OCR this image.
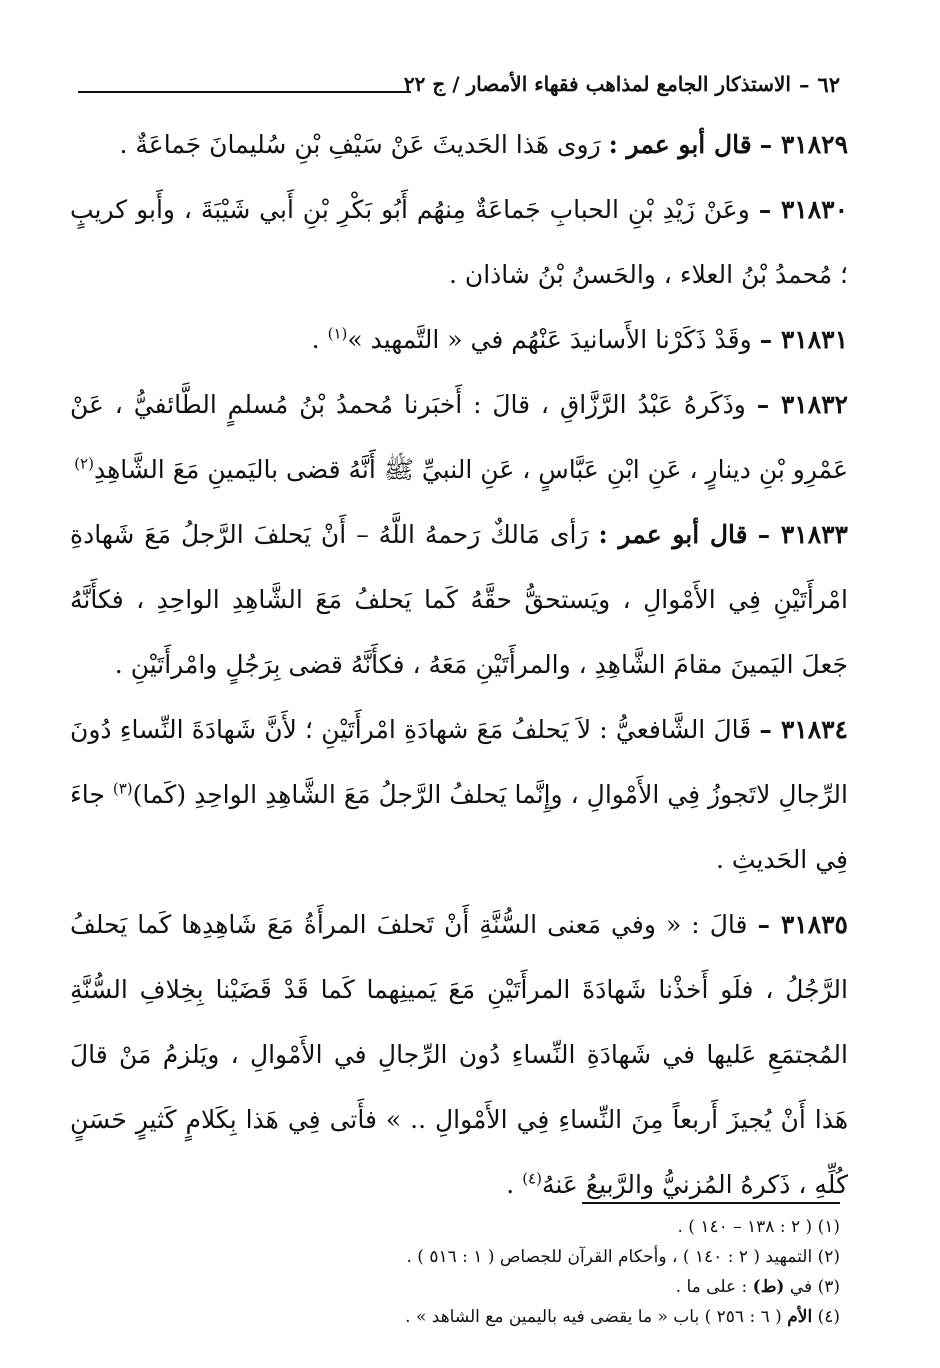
٦٢
–
الاستذكار الجامع لمذاهب فقهاء الأمصار / ج ٢٢

٣١٨٢٩ – قال أبو عمر : رَوى هَذا الحَديثَ عَنْ سَيْفِ بْنِ سُليمانَ جَماعَةٌ .

٣١٨٣٠ – وعَنْ زَيْدِ بْنِ الحبابِ جَماعَةٌ مِنهُم أَبُو بَكْرِ بْنِ أَبي شَيْبَةَ ، وأَبو كريبٍ ؛ مُحمدُ بْنُ العلاء ، والحَسنُ بْنُ شاذان .

٣١٨٣١ – وقَدْ ذَكَرْنا الأَسانيدَ عَنْهُم في « التَّمهيد »$^{(١)}$ .

٣١٨٣٢ – وذَكَرهُ عَبْدُ الرَّزَّاقِ ، قالَ : أَخبَرنا مُحمدُ بْنُ مُسلمٍ الطَّائفيُّ ، عَنْ عَمْرِو بْنِ دينارٍ ، عَنِ ابْنِ عَبَّاسٍ ، عَنِ النبيِّ ﷺ أَنَّهُ قضى باليَمينِ مَعَ الشَّاهِدِ$^{(٢)}$

٣١٨٣٣ – قال أبو عمر : رَأى مَالكٌ رَحمهُ اللَّهُ – أَنْ يَحلفَ الرَّجلُ مَعَ شَهادةِ امْرأَتَيْنِ فِي الأَمْوالِ ، ويَستحقُّ حقَّهُ كَما يَحلفُ مَعَ الشَّاهِدِ الواحِدِ ، فكأَنَّهُ جَعلَ اليَمينَ مقامَ الشَّاهِدِ ، والمرأَتَيْنِ مَعَهُ ، فكأَنَّهُ قضى بِرَجُلٍ وامْرأَتَيْنِ .

٣١٨٣٤ – قَالَ الشَّافعيُّ : لاَ يَحلفُ مَعَ شهادَةِ امْرأَتَيْنِ ؛ لأَنَّ شَهادَةَ النِّساءِ دُونَ الرِّجالِ لاتَجوزُ فِي الأَمْوالِ ، وإِنَّما يَحلفُ الرَّجلُ مَعَ الشَّاهِدِ الواحِدِ (كَما)$^{(٣)}$ جاءَ فِي الحَديثِ .

٣١٨٣٥ – قالَ : « وفي مَعنى السُّنَّةِ أَنْ تَحلفَ المرأَةُ مَعَ شَاهِدِها كَما يَحلفُ الرَّجُلُ ، فلَو أَخذْنا شَهادَةَ المرأَتَيْنِ مَعَ يَمينِهما كَما قَدْ قَضَيْنا بِخِلافِ السُّنَّةِ المُجتمَعِ عَليها في شَهادَةِ النِّساءِ دُون الرِّجالِ في الأَمْوالِ ، ويَلزمُ مَنْ قالَ هَذا أَنْ يُجيزَ أَربعاً مِنَ النِّساءِ فِي الأَمْوالِ .. » فأَتى فِي هَذا بِكَلامٍ كَثيرٍ حَسَنٍ كُلِّهِ ، ذَكرهُ المُزنيُّ والرَّبيعُ عَنهُ$^{(٤)}$ .

(١) ( ٢ : ١٣٨ – ١٤٠ ) .

(٢) التمهيد ( ٢ : ١٤٠ ) ، وأحكام القرآن للجصاص ( ١ : ٥١٦ ) .

(٣) في (ط) : على ما .

(٤) الأم ( ٦ : ٢٥٦ ) باب « ما يقضى فيه باليمين مع الشاهد » .
